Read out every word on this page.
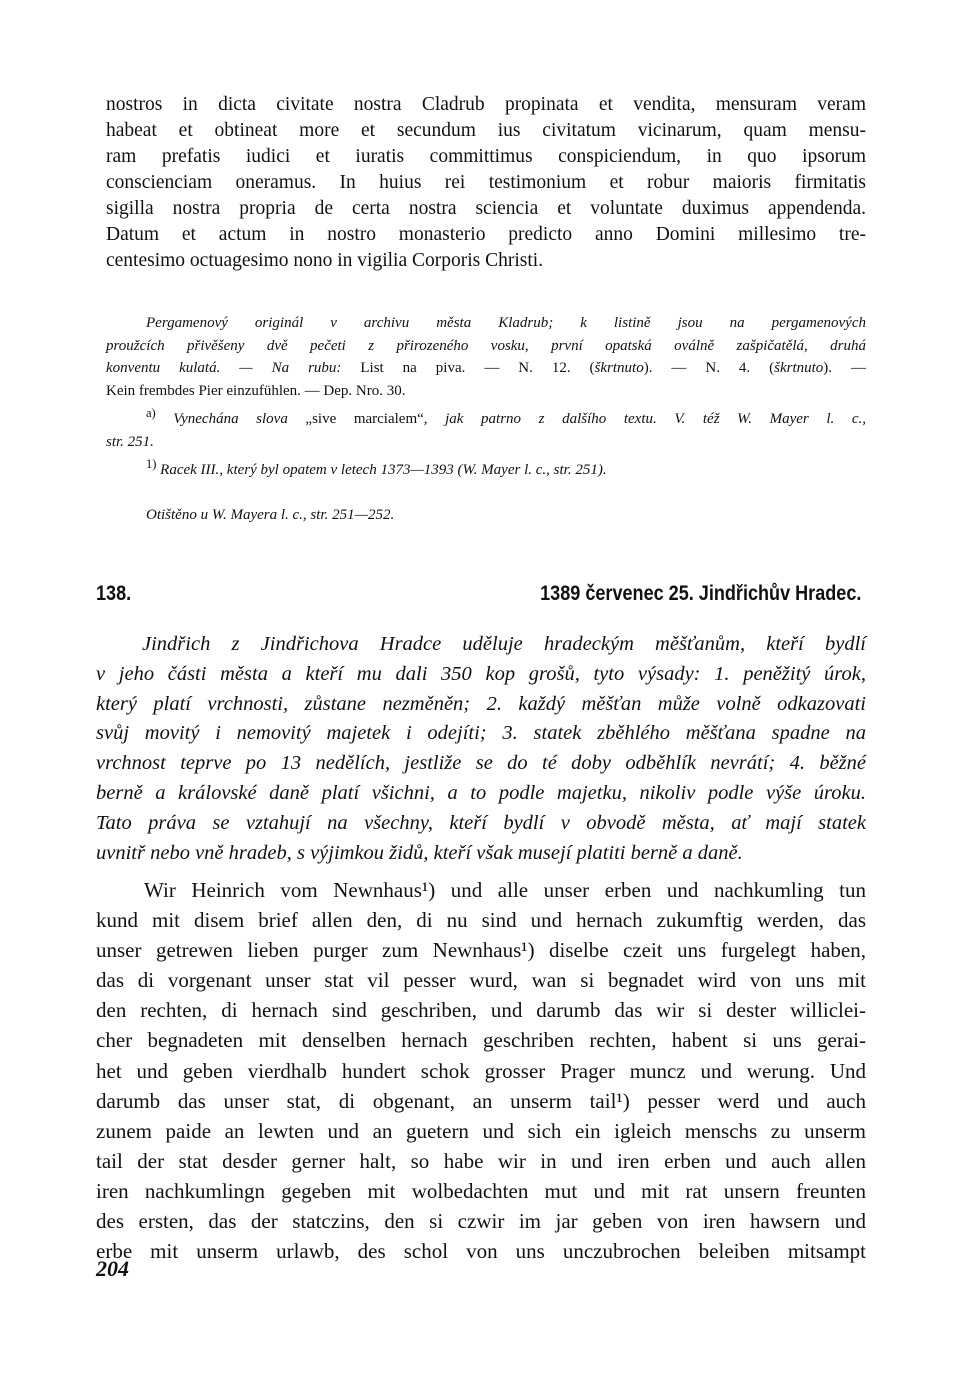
nostros in dicta civitate nostra Cladrub propinata et vendita, mensuram veram
habeat et obtineat more et secundum ius civitatum vicinarum, quam mensu-
ram prefatis iudici et iuratis committimus conspiciendum, in quo ipsorum
conscienciam oneramus. In huius rei testimonium et robur maioris firmitatis
sigilla nostra propria de certa nostra sciencia et voluntate duximus appendenda.
Datum et actum in nostro monasterio predicto anno Domini millesimo tre-
centesimo octuagesimo nono in vigilia Corporis Christi.
Pergamenový originál v archivu města Kladrub; k listině jsou na pergamenových
proužcích přivěšeny dvě pečeti z přirozeného vosku, první opatská oválně zašpičatělá, druhá
konventu kulatá. — Na rubu: List na piva. — N. 12. (škrtnuto). — N. 4. (škrtnuto). —
Kein frembdes Pier einzufühlen. — Dep. Nro. 30.
$^{a)}$ Vynechána slova „sive marcialem“, jak patrno z dalšího textu. V. též W. Mayer l. c.,
str. 251.
$^{1)}$ Racek III., který byl opatem v letech 1373—1393 (W. Mayer l. c., str. 251).
Otištěno u W. Mayera l. c., str. 251—252.
138.	1389 červenec 25. Jindřichův Hradec.
Jindřich z Jindřichova Hradce uděluje hradeckým měšťanům, kteří bydlí
v jeho části města a kteří mu dali 350 kop grošů, tyto výsady: 1. peněžitý úrok,
který platí vrchnosti, zůstane nezměněn; 2. každý měšťan může volně odkazovati
svůj movitý i nemovitý majetek i odejíti; 3. statek zběhlého měšťana spadne na
vrchnost teprve po 13 nedělích, jestliže se do té doby odběhlík nevrátí; 4. běžné
berně a královské daně platí všichni, a to podle majetku, nikoliv podle výše úroku.
Tato práva se vztahují na všechny, kteří bydlí v obvodě města, ať mají statek
uvnitř nebo vně hradeb, s výjimkou židů, kteří však musejí platiti berně a daně.
Wir Heinrich vom Newnhaus¹) und alle unser erben und nachkumling tun
kund mit disem brief allen den, di nu sind und hernach zukumftig werden, das
unser getrewen lieben purger zum Newnhaus¹) diselbe czeit uns furgelegt haben,
das di vorgenant unser stat vil pesser wurd, wan si begnadet wird von uns mit
den rechten, di hernach sind geschriben, und darumb das wir si dester williclei-
cher begnadeten mit denselben hernach geschriben rechten, habent si uns gerai-
het und geben vierdhalb hundert schok grosser Prager muncz und werung. Und
darumb das unser stat, di obgenant, an unserm tail¹) pesser werd und auch
zunem paide an lewten und an guetern und sich ein igleich menschs zu unserm
tail der stat desder gerner halt, so habe wir in und iren erben und auch allen
iren nachkumlingn gegeben mit wolbedachten mut und mit rat unsern freunten
des ersten, das der statczins, den si czwir im jar geben von iren hawsern und
erbe mit unserm urlawb, des schol von uns unczubrochen beleiben mitsampt
204
